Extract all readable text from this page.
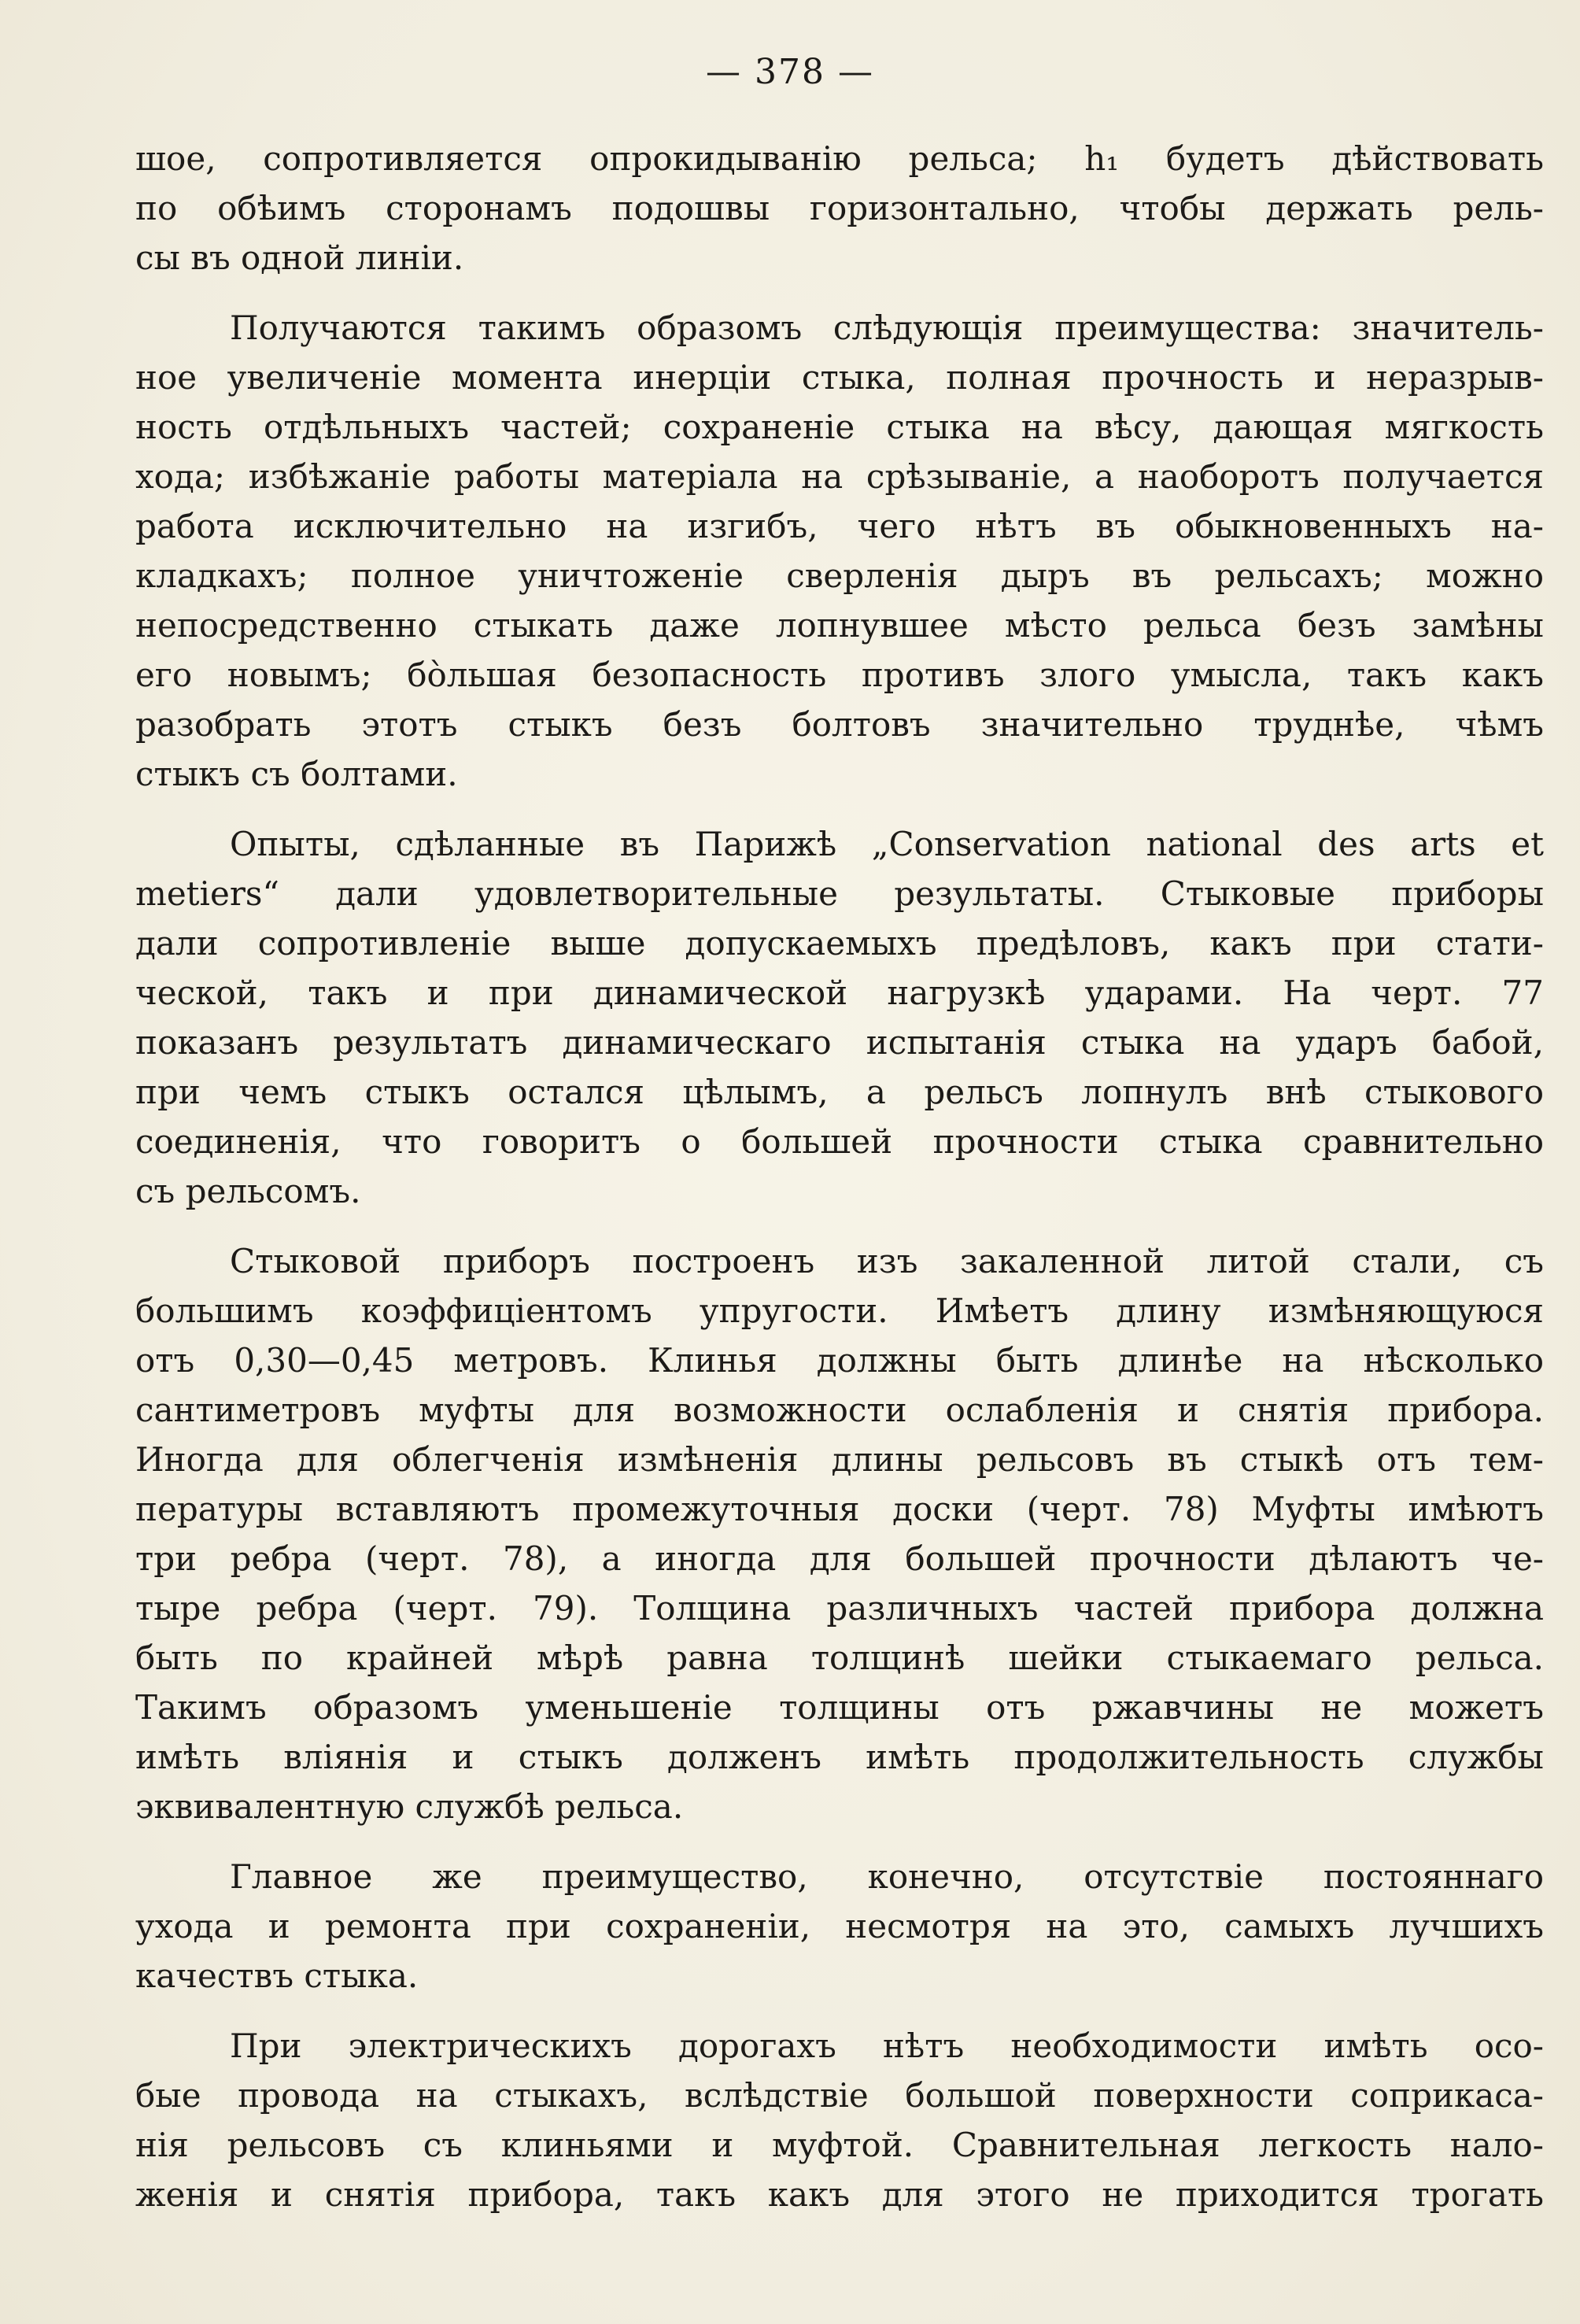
— 378 —
шое, сопротивляется опрокидыванію рельса; h₁ будетъ дѣйствовать
по обѣимъ сторонамъ подошвы горизонтально, чтобы держать рель-
сы въ одной линіи.
Получаются такимъ образомъ слѣдующія преимущества: значитель-
ное увеличеніе момента инерціи стыка, полная прочность и неразрыв-
ность отдѣльныхъ частей; сохраненіе стыка на вѣсу, дающая мягкость
хода; избѣжаніе работы матеріала на срѣзываніе, а наоборотъ получается
работа исключительно на изгибъ, чего нѣтъ въ обыкновенныхъ на-
кладкахъ; полное уничтоженіе сверленія дыръ въ рельсахъ; можно
непосредственно стыкать даже лопнувшее мѣсто рельса безъ замѣны
его новымъ; бо̀льшая безопасность противъ злого умысла, такъ какъ
разобрать этотъ стыкъ безъ болтовъ значительно труднѣе, чѣмъ
стыкъ съ болтами.
Опыты, сдѣланные въ Парижѣ „Conservation national des arts et
metiers“ дали удовлетворительные результаты. Стыковые приборы
дали сопротивленіе выше допускаемыхъ предѣловъ, какъ при стати-
ческой, такъ и при динамической нагрузкѣ ударами. На черт. 77
показанъ результатъ динамическаго испытанія стыка на ударъ бабой,
при чемъ стыкъ остался цѣлымъ, а рельсъ лопнулъ внѣ стыкового
соединенія, что говоритъ о большей прочности стыка сравнительно
съ рельсомъ.
Стыковой приборъ построенъ изъ закаленной литой стали, съ
большимъ коэффиціентомъ упругости. Имѣетъ длину измѣняющуюся
отъ 0,30—0,45 метровъ. Клинья должны быть длинѣе на нѣсколько
сантиметровъ муфты для возможности ослабленія и снятія прибора.
Иногда для облегченія измѣненія длины рельсовъ въ стыкѣ отъ тем-
пературы вставляютъ промежуточныя доски (черт. 78) Муфты имѣютъ
три ребра (черт. 78), а иногда для большей прочности дѣлаютъ че-
тыре ребра (черт. 79). Толщина различныхъ частей прибора должна
быть по крайней мѣрѣ равна толщинѣ шейки стыкаемаго рельса.
Такимъ образомъ уменьшеніе толщины отъ ржавчины не можетъ
имѣть вліянія и стыкъ долженъ имѣть продолжительность службы
эквивалентную службѣ рельса.
Главное же преимущество, конечно, отсутствіе постояннаго
ухода и ремонта при сохраненіи, несмотря на это, самыхъ лучшихъ
качествъ стыка.
При электрическихъ дорогахъ нѣтъ необходимости имѣть осо-
бые провода на стыкахъ, вслѣдствіе большой поверхности соприкаса-
нія рельсовъ съ клиньями и муфтой. Сравнительная легкость нало-
женія и снятія прибора, такъ какъ для этого не приходится трогать
